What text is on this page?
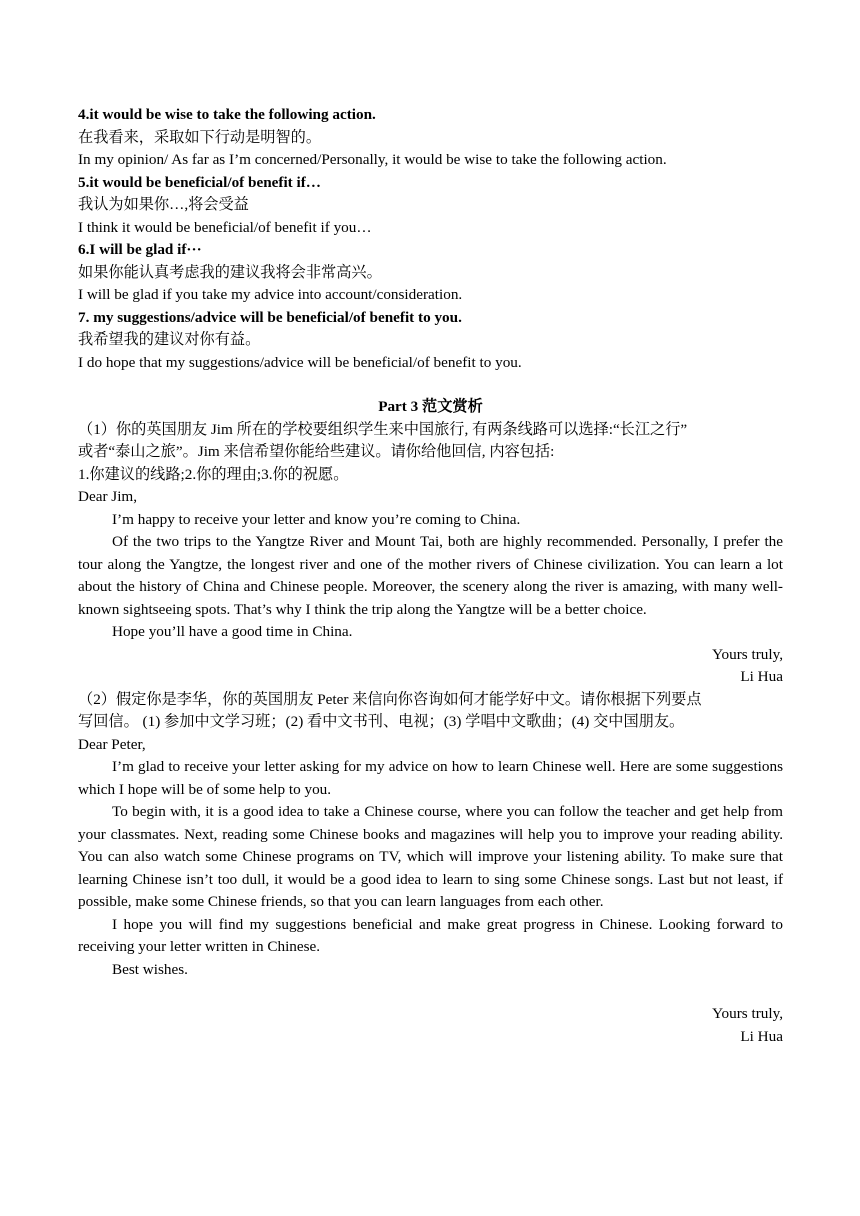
4.it would be wise to take the following action.

在我看来，采取如下行动是明智的。

In my opinion/ As far as I’m concerned/Personally, it would be wise to take the following action.

5.it would be beneficial/of benefit if…

我认为如果你…,将会受益

I think it would be beneficial/of benefit if you…

6.I will be glad if···

如果你能认真考虑我的建议我将会非常高兴。

I will be glad if you take my advice into account/consideration.

7. my suggestions/advice will be beneficial/of benefit to you.

我希望我的建议对你有益。

I do hope that my suggestions/advice will be beneficial/of benefit to you.

Part 3 范文赏析

（1）你的英国朋友 Jim 所在的学校要组织学生来中国旅行, 有两条线路可以选择:“长江之行”

或者“泰山之旅”。Jim 来信希望你能给些建议。请你给他回信, 内容包括:

1.你建议的线路;2.你的理由;3.你的祝愿。

Dear Jim,

I’m happy to receive your letter and know you’re coming to China.

Of the two trips to the Yangtze River and Mount Tai, both are highly recommended. Personally, I prefer the tour along the Yangtze, the longest river and one of the mother rivers of Chinese civilization. You can learn a lot about the history of China and Chinese people. Moreover, the scenery along the river is amazing, with many well-known sightseeing spots. That’s why I think the trip along the Yangtze will be a better choice.

Hope you’ll have a good time in China.

Yours truly,

Li Hua

（2）假定你是李华，你的英国朋友 Peter 来信向你咨询如何才能学好中文。请你根据下列要点

写回信。 (1) 参加中文学习班；(2) 看中文书刊、电视；(3) 学唱中文歌曲；(4) 交中国朋友。

Dear Peter,

I’m glad to receive your letter asking for my advice on how to learn Chinese well. Here are some suggestions which I hope will be of some help to you.

To begin with, it is a good idea to take a Chinese course, where you can follow the teacher and get help from your classmates. Next, reading some Chinese books and magazines will help you to improve your reading ability. You can also watch some Chinese programs on TV, which will improve your listening ability. To make sure that learning Chinese isn’t too dull, it would be a good idea to learn to sing some Chinese songs. Last but not least, if possible, make some Chinese friends, so that you can learn languages from each other.

I hope you will find my suggestions beneficial and make great progress in Chinese. Looking forward to receiving your letter written in Chinese.

Best wishes.

Yours truly,

Li Hua
